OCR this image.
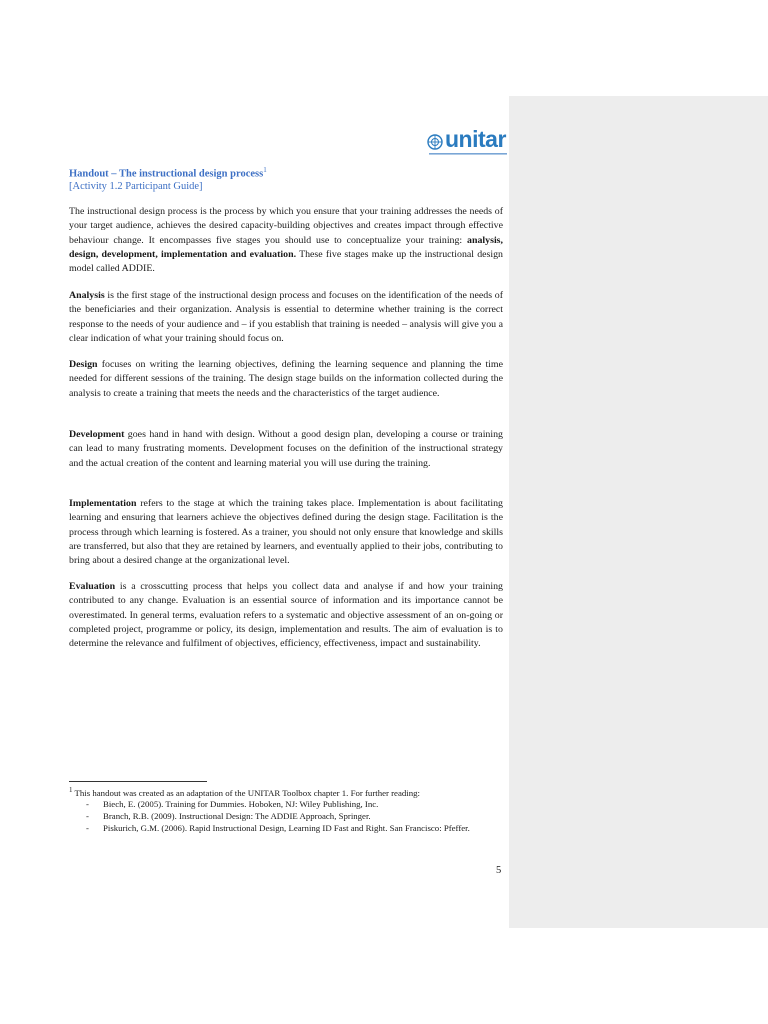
unitar
Handout – The instructional design process$^1$
[Activity 1.2 Participant Guide]

The instructional design process is the process by which you ensure that your training addresses the needs of your target audience, achieves the desired capacity-building objectives and creates impact through effective behaviour change. It encompasses five stages you should use to conceptualize your training: analysis, design, development, implementation and evaluation. These five stages make up the instructional design model called ADDIE.

Analysis is the first stage of the instructional design process and focuses on the identification of the needs of the beneficiaries and their organization. Analysis is essential to determine whether training is the correct response to the needs of your audience and – if you establish that training is needed – analysis will give you a clear indication of what your training should focus on.

Design focuses on writing the learning objectives, defining the learning sequence and planning the time needed for different sessions of the training. The design stage builds on the information collected during the analysis to create a training that meets the needs and the characteristics of the target audience.

Development goes hand in hand with design. Without a good design plan, developing a course or training can lead to many frustrating moments. Development focuses on the definition of the instructional strategy and the actual creation of the content and learning material you will use during the training.

Implementation refers to the stage at which the training takes place. Implementation is about facilitating learning and ensuring that learners achieve the objectives defined during the design stage. Facilitation is the process through which learning is fostered. As a trainer, you should not only ensure that knowledge and skills are transferred, but also that they are retained by learners, and eventually applied to their jobs, contributing to bring about a desired change at the organizational level.

Evaluation is a crosscutting process that helps you collect data and analyse if and how your training contributed to any change. Evaluation is an essential source of information and its importance cannot be overestimated. In general terms, evaluation refers to a systematic and objective assessment of an on-going or completed project, programme or policy, its design, implementation and results. The aim of evaluation is to determine the relevance and fulfilment of objectives, efficiency, effectiveness, impact and sustainability.

$^1$ This handout was created as an adaptation of the UNITAR Toolbox chapter 1. For further reading:

- Biech, E. (2005). Training for Dummies. Hoboken, NJ: Wiley Publishing, Inc.
- Branch, R.B. (2009). Instructional Design: The ADDIE Approach, Springer.
- Piskurich, G.M. (2006). Rapid Instructional Design, Learning ID Fast and Right. San Francisco: Pfeffer.
5
